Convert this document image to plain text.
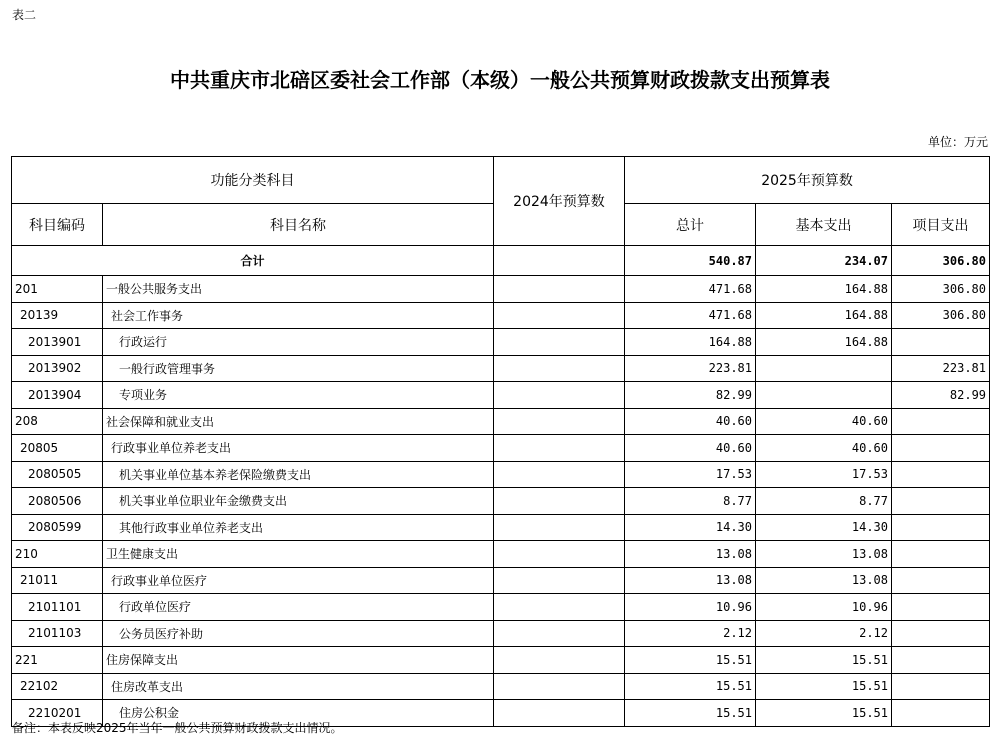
表二
中共重庆市北碚区委社会工作部（本级）一般公共预算财政拨款支出预算表
单位：万元
功能分类科目		2024年预算数	2025年预算数		
科目编码	科目名称		总计	基本支出	项目支出
合计			540.87	234.07	306.80
201	一般公共服务支出		471.68	164.88	306.80
20139	社会工作事务		471.68	164.88	306.80
2013901	行政运行		164.88	164.88	
2013902	一般行政管理事务		223.81		223.81
2013904	专项业务		82.99		82.99
208	社会保障和就业支出		40.60	40.60	
20805	行政事业单位养老支出		40.60	40.60	
2080505	机关事业单位基本养老保险缴费支出		17.53	17.53	
2080506	机关事业单位职业年金缴费支出		8.77	8.77	
2080599	其他行政事业单位养老支出		14.30	14.30	
210	卫生健康支出		13.08	13.08	
21011	行政事业单位医疗		13.08	13.08	
2101101	行政单位医疗		10.96	10.96	
2101103	公务员医疗补助		2.12	2.12	
221	住房保障支出		15.51	15.51	
22102	住房改革支出		15.51	15.51	
2210201	住房公积金		15.51	15.51	
备注：本表反映2025年当年一般公共预算财政拨款支出情况。
